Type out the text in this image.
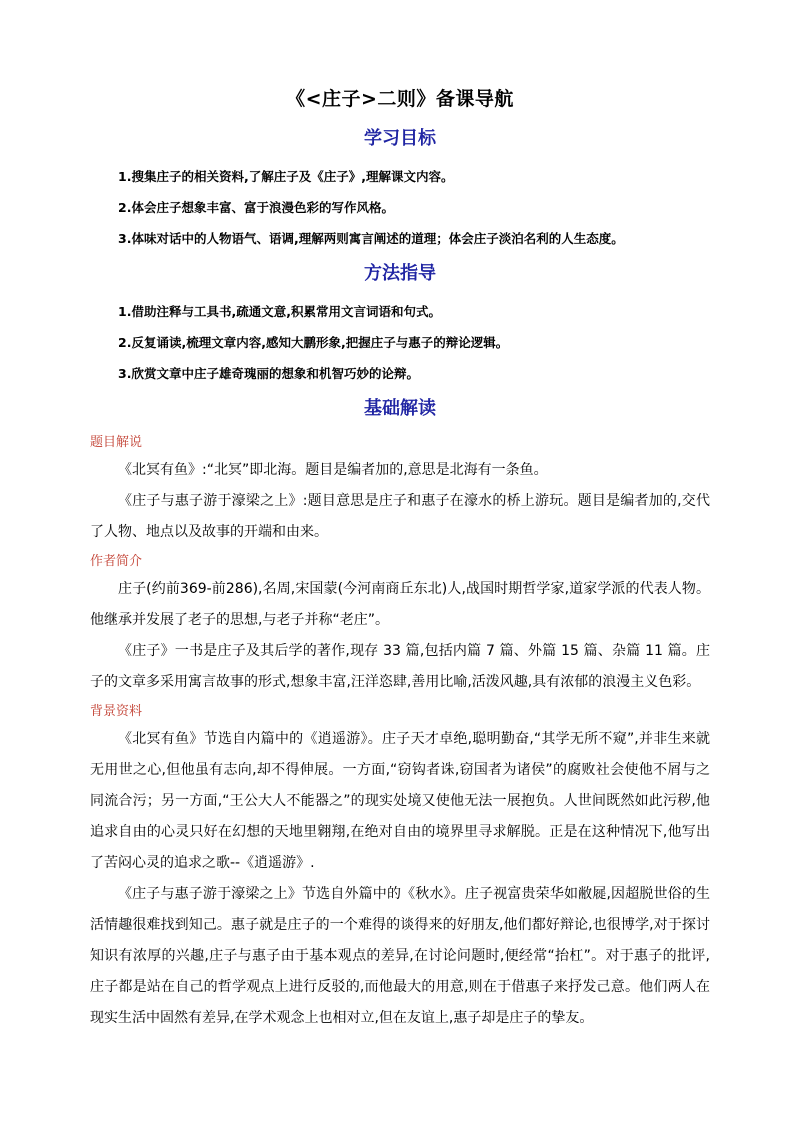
《<庄子>二则》备课导航
学习目标
1.搜集庄子的相关资料,了解庄子及《庄子》,理解课文内容。
2.体会庄子想象丰富、富于浪漫色彩的写作风格。
3.体味对话中的人物语气、语调,理解两则寓言阐述的道理；体会庄子淡泊名利的人生态度。
方法指导
1.借助注释与工具书,疏通文意,积累常用文言词语和句式。
2.反复诵读,梳理文章内容,感知大鹏形象,把握庄子与惠子的辩论逻辑。
3.欣赏文章中庄子雄奇瑰丽的想象和机智巧妙的论辩。
基础解读
题目解说

《北冥有鱼》:“北冥”即北海。题目是编者加的,意思是北海有一条鱼。

《庄子与惠子游于濠梁之上》:题目意思是庄子和惠子在濠水的桥上游玩。题目是编者加的,交代了人物、地点以及故事的开端和由来。

作者简介

庄子(约前369-前286),名周,宋国蒙(今河南商丘东北)人,战国时期哲学家,道家学派的代表人物。他继承并发展了老子的思想,与老子并称“老庄”。

《庄子》一书是庄子及其后学的著作,现存 33 篇,包括内篇 7 篇、外篇 15 篇、杂篇 11 篇。庄子的文章多采用寓言故事的形式,想象丰富,汪洋恣肆,善用比喻,活泼风趣,具有浓郁的浪漫主义色彩。

背景资料

《北冥有鱼》节选自内篇中的《逍遥游》。庄子天才卓绝,聪明勤奋,“其学无所不窥”,并非生来就无用世之心,但他虽有志向,却不得伸展。一方面,“窃钩者诛,窃国者为诸侯”的腐败社会使他不屑与之同流合污；另一方面,“王公大人不能器之”的现实处境又使他无法一展抱负。人世间既然如此污秽,他追求自由的心灵只好在幻想的天地里翱翔,在绝对自由的境界里寻求解脱。正是在这种情况下,他写出了苦闷心灵的追求之歌--《逍遥游》.

《庄子与惠子游于濠梁之上》节选自外篇中的《秋水》。庄子视富贵荣华如敝屣,因超脱世俗的生活情趣很难找到知己。惠子就是庄子的一个难得的谈得来的好朋友,他们都好辩论,也很博学,对于探讨知识有浓厚的兴趣,庄子与惠子由于基本观点的差异,在讨论问题时,便经常“抬杠”。对于惠子的批评,庄子都是站在自己的哲学观点上进行反驳的,而他最大的用意,则在于借惠子来抒发己意。他们两人在现实生活中固然有差异,在学术观念上也相对立,但在友谊上,惠子却是庄子的挚友。
